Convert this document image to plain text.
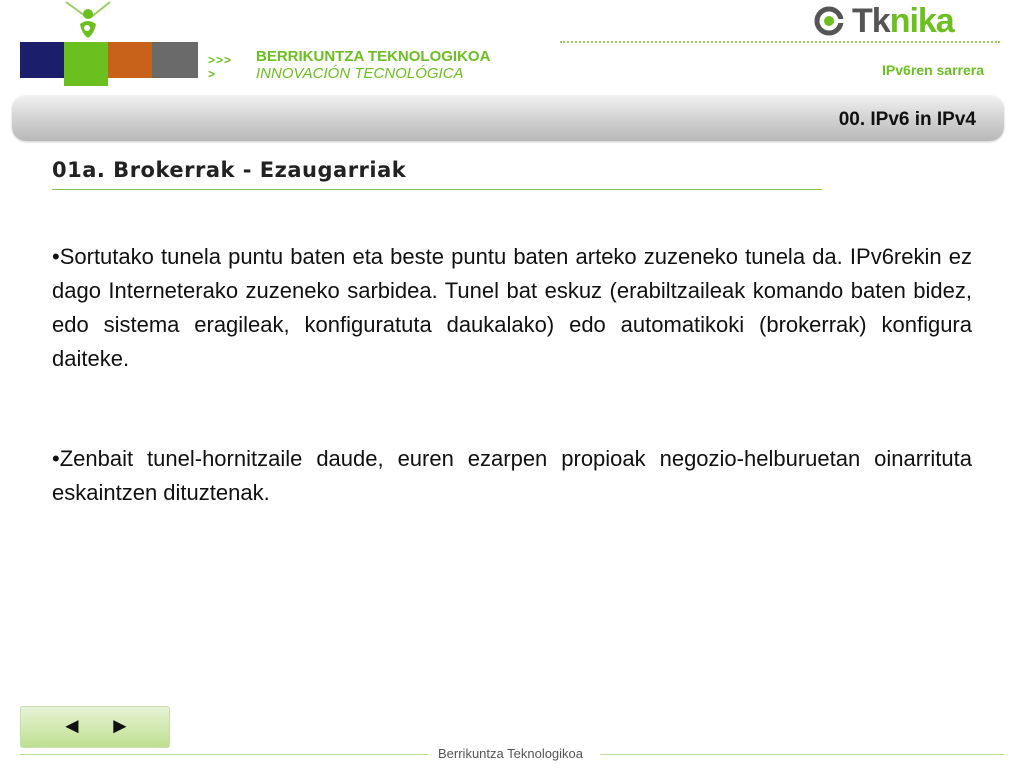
>>> >
BERRIKUNTZA TEKNOLOGIKOA
INNOVACIÓN TECNOLÓGICA
Tknika
IPv6ren sarrera
00. IPv6 in IPv4
01a. Brokerrak - Ezaugarriak
•Sortutako tunela puntu baten eta beste puntu baten arteko zuzeneko tunela da. IPv6rekin ez dago Interneterako zuzeneko sarbidea. Tunel bat eskuz (erabiltzaileak komando baten bidez, edo sistema eragileak, konfiguratuta daukalako) edo automatikoki (brokerrak) konfigura daiteke.
•Zenbait tunel-hornitzaile daude, euren ezarpen propioak negozio-helburuetan oinarrituta eskaintzen dituztenak.
◄ ►
Berrikuntza Teknologikoa
